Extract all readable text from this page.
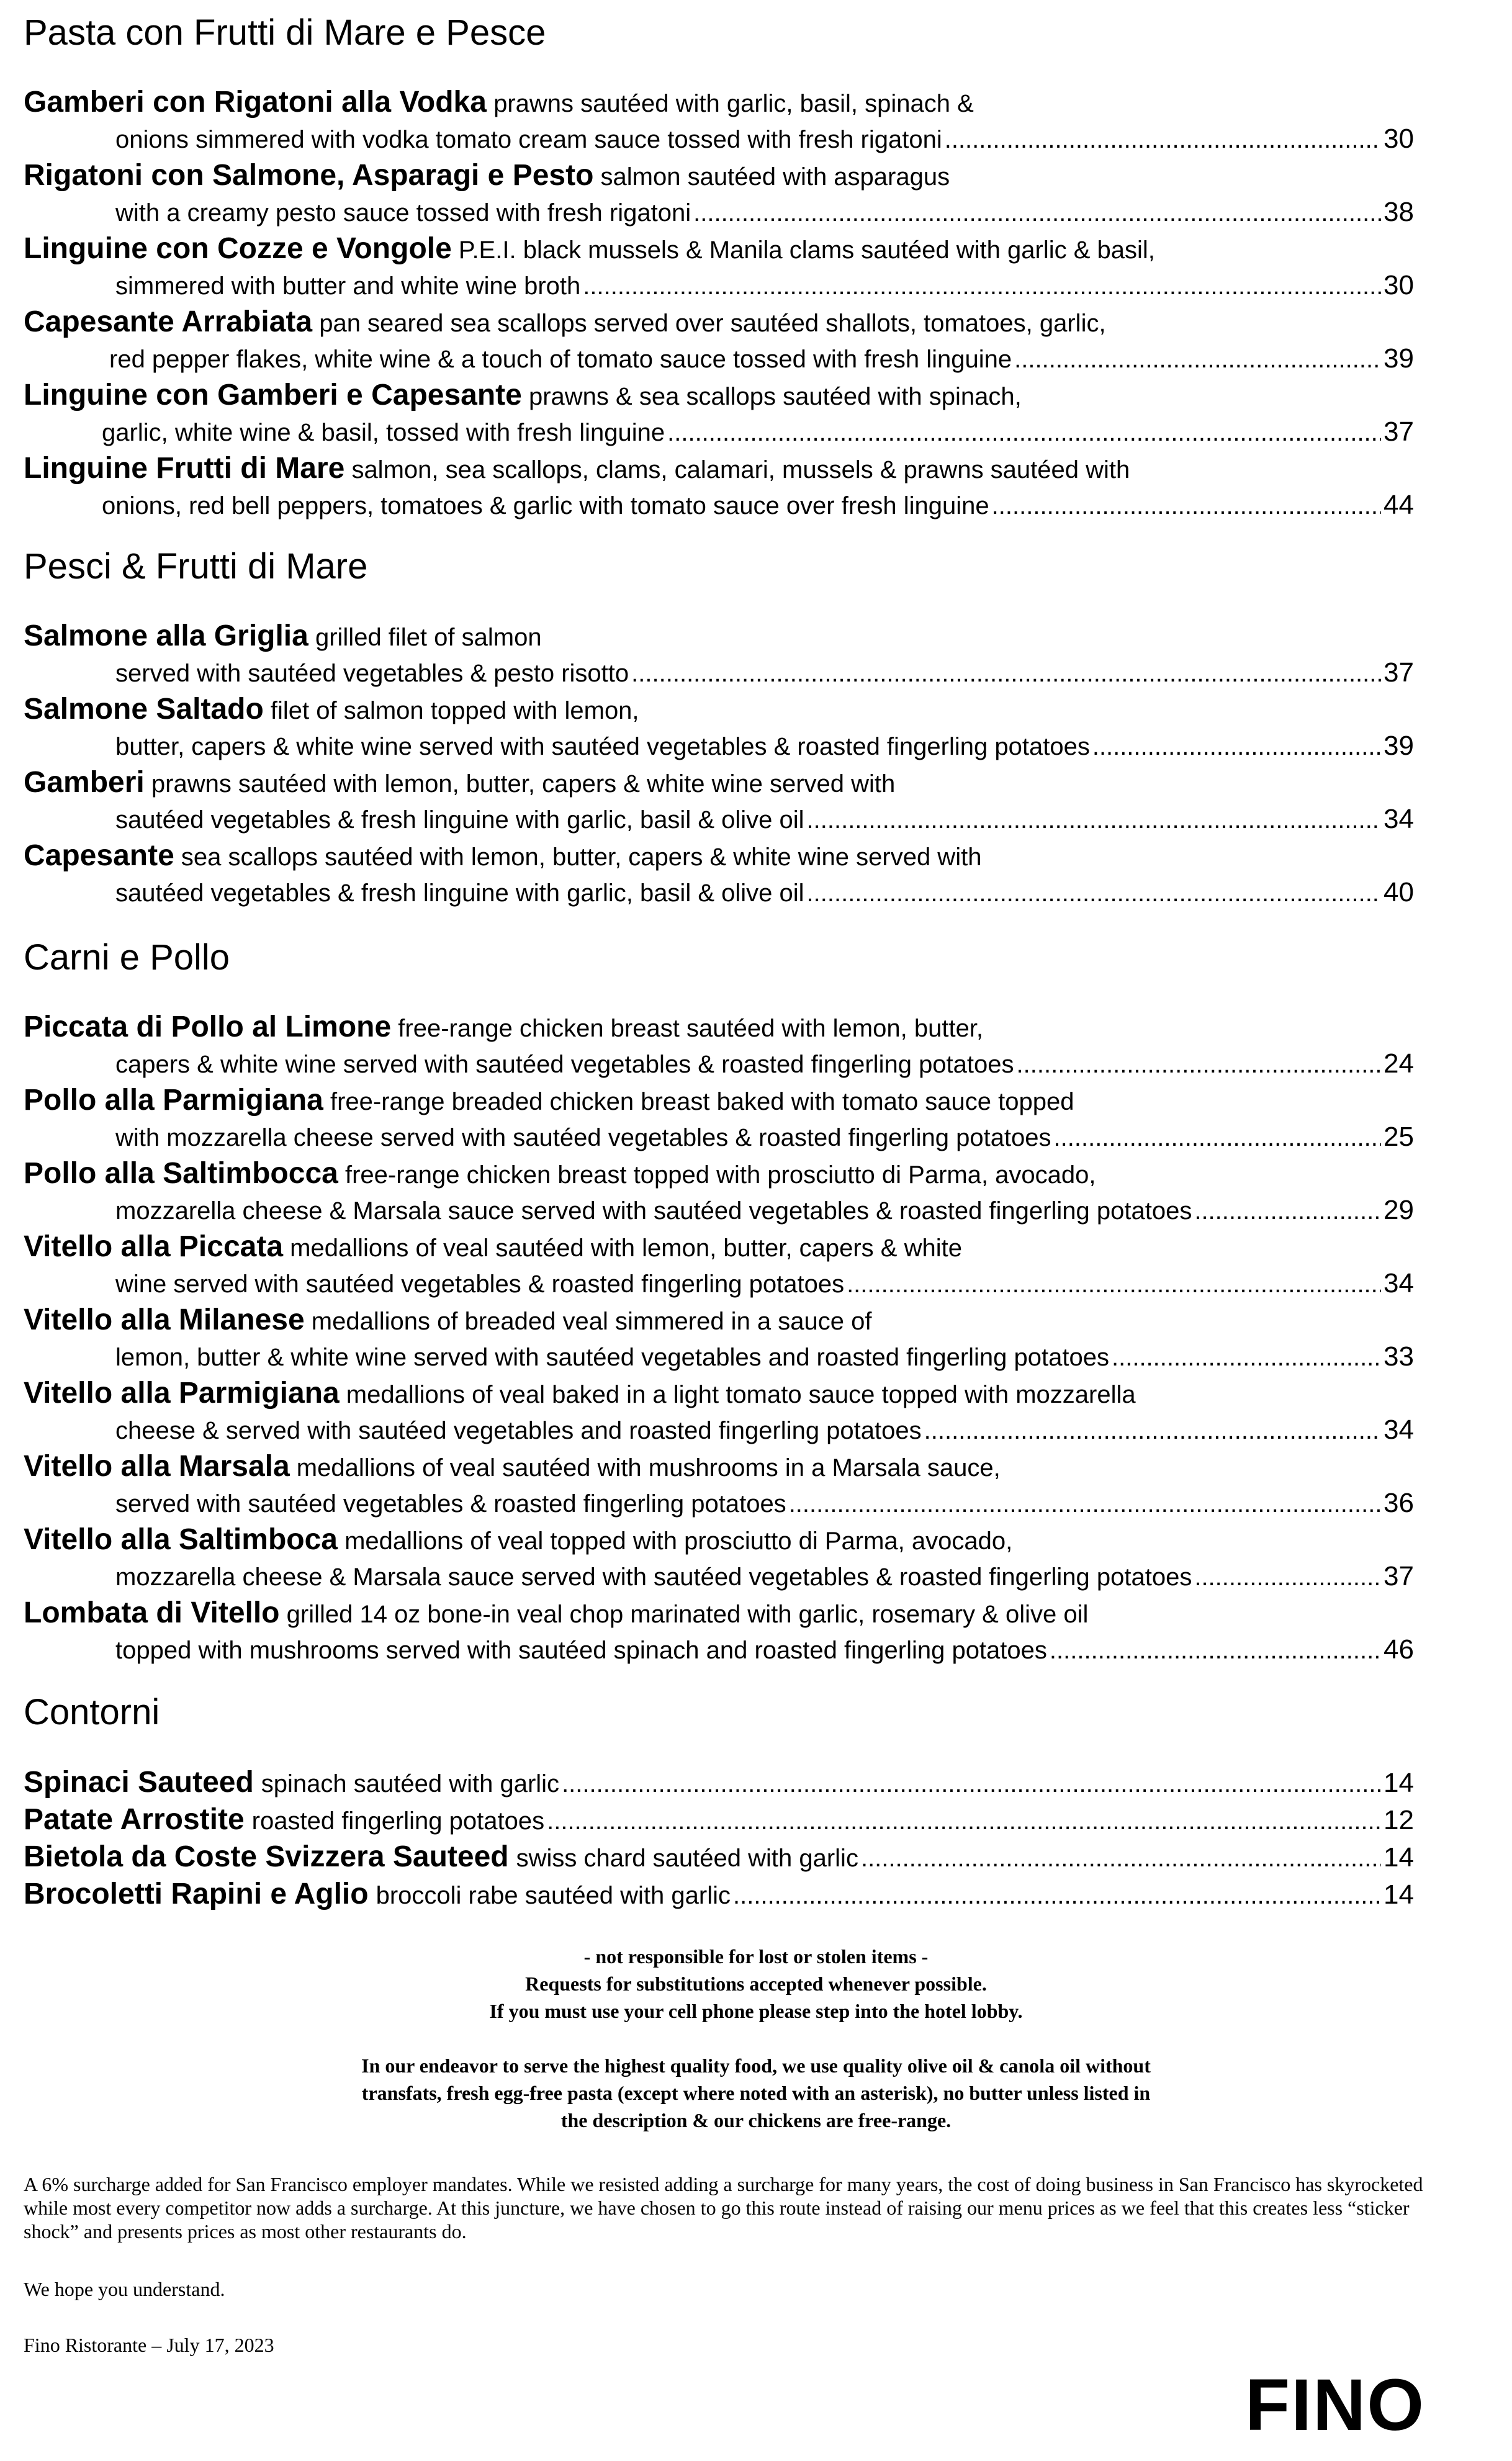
Pasta con Frutti di Mare e Pesce
Gamberi con Rigatoni alla Vodka prawns sautéed with garlic, basil, spinach &
onions simmered with vodka tomato cream sauce tossed with fresh rigatoni .....	30
Rigatoni con Salmone, Asparagi e Pesto salmon sautéed with asparagus
with a creamy pesto sauce tossed with fresh rigatoni .....	38
Linguine con Cozze e Vongole P.E.I. black mussels & Manila clams sautéed with garlic & basil,
simmered with butter and white wine broth .....	30
Capesante Arrabiata pan seared sea scallops served over sautéed shallots, tomatoes, garlic,
red pepper flakes, white wine & a touch of tomato sauce tossed with fresh linguine .....	39
Linguine con Gamberi e Capesante prawns & sea scallops sautéed with spinach,
garlic, white wine & basil, tossed with fresh linguine .....	37
Linguine Frutti di Mare salmon, sea scallops, clams, calamari, mussels & prawns sautéed with
onions, red bell peppers, tomatoes & garlic with tomato sauce over fresh linguine .....	44
Pesci & Frutti di Mare
Salmone alla Griglia grilled filet of salmon
served with sautéed vegetables & pesto risotto .....	37
Salmone Saltado filet of salmon topped with lemon,
butter, capers & white wine served with sautéed vegetables & roasted fingerling potatoes .....	39
Gamberi prawns sautéed with lemon, butter, capers & white wine served with
sautéed vegetables & fresh linguine with garlic, basil & olive oil .....	34
Capesante sea scallops sautéed with lemon, butter, capers & white wine served with
sautéed vegetables & fresh linguine with garlic, basil & olive oil .....	40
Carni e Pollo
Piccata di Pollo al Limone free-range chicken breast sautéed with lemon, butter,
capers & white wine served with sautéed vegetables & roasted fingerling potatoes .....	24
Pollo alla Parmigiana free-range breaded chicken breast baked with tomato sauce topped
with mozzarella cheese served with sautéed vegetables & roasted fingerling potatoes .....	25
Pollo alla Saltimbocca free-range chicken breast topped with prosciutto di Parma, avocado,
mozzarella cheese & Marsala sauce served with sautéed vegetables & roasted fingerling potatoes .....	29
Vitello alla Piccata medallions of veal sautéed with lemon, butter, capers & white
wine served with sautéed vegetables & roasted fingerling potatoes .....	34
Vitello alla Milanese medallions of breaded veal simmered in a sauce of
lemon, butter & white wine served with sautéed vegetables and roasted fingerling potatoes .....	33
Vitello alla Parmigiana medallions of veal baked in a light tomato sauce topped with mozzarella
cheese & served with sautéed vegetables and roasted fingerling potatoes .....	34
Vitello alla Marsala medallions of veal sautéed with mushrooms in a Marsala sauce,
served with sautéed vegetables & roasted fingerling potatoes .....	36
Vitello alla Saltimboca medallions of veal topped with prosciutto di Parma, avocado,
mozzarella cheese & Marsala sauce served with sautéed vegetables & roasted fingerling potatoes .....	37
Lombata di Vitello grilled 14 oz bone-in veal chop marinated with garlic, rosemary & olive oil
topped with mushrooms served with sautéed spinach and roasted fingerling potatoes .....	46
Contorni
Spinaci Sauteed spinach sautéed with garlic .....	14
Patate Arrostite roasted fingerling potatoes .....	12
Bietola da Coste Svizzera Sauteed swiss chard sautéed with garlic .....	14
Brocoletti Rapini e Aglio broccoli rabe sautéed with garlic .....	14

- not responsible for lost or stolen items -

Requests for substitutions accepted whenever possible.

If you must use your cell phone please step into the hotel lobby.

In our endeavor to serve the highest quality food, we use quality olive oil & canola oil without

transfats, fresh egg-free pasta (except where noted with an asterisk), no butter unless listed in

the description & our chickens are free-range.

A 6% surcharge added for San Francisco employer mandates. While we resisted adding a surcharge for many years, the cost of doing business in San Francisco has skyrocketed while most every competitor now adds a surcharge. At this juncture, we have chosen to go this route instead of raising our menu prices as we feel that this creates less “sticker shock” and presents prices as most other restaurants do.
We hope you understand.
Fino Ristorante – July 17, 2023
FINO
